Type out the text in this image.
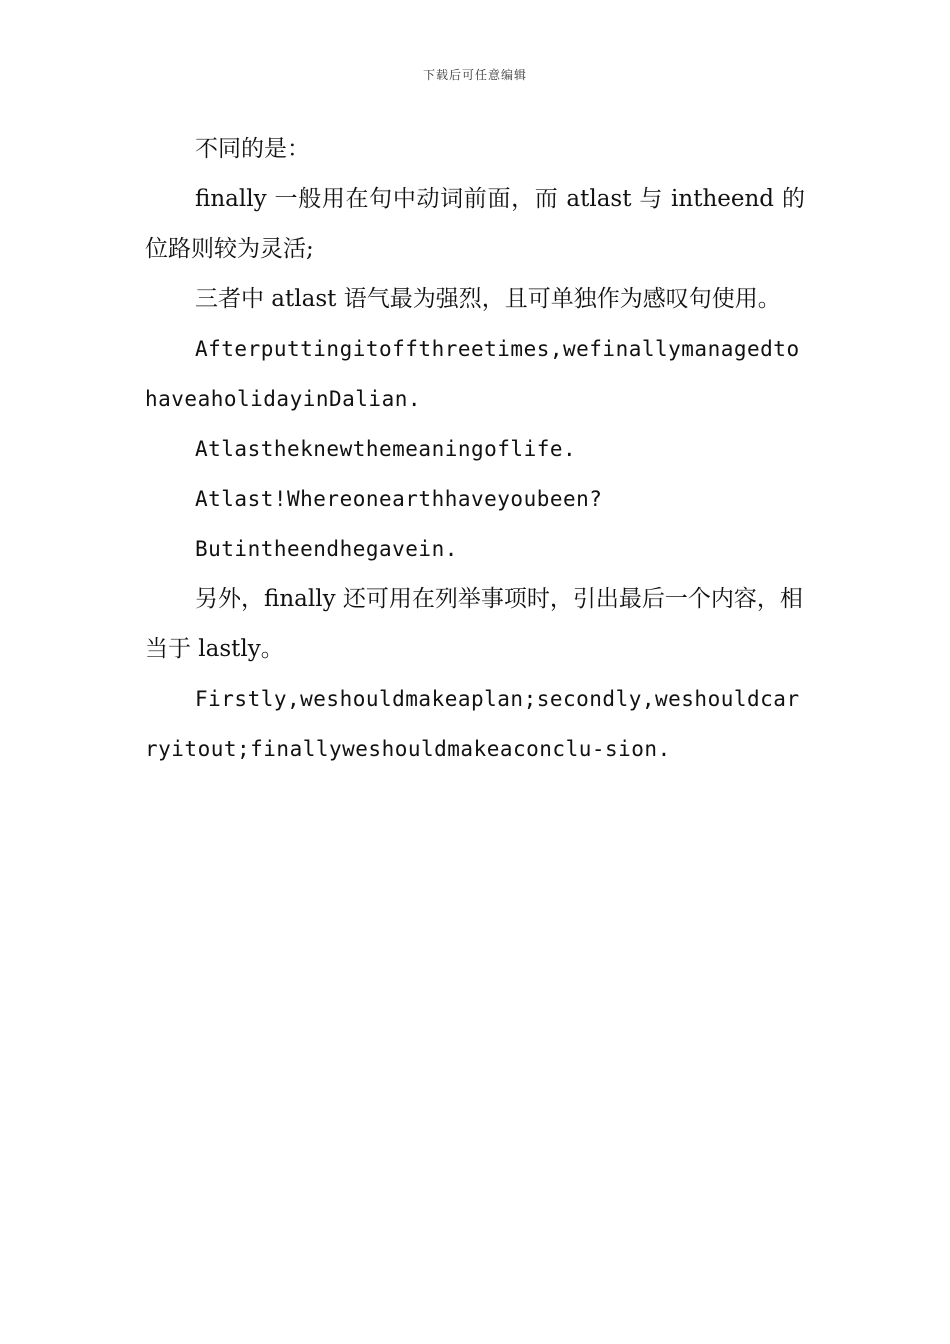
下载后可任意编辑

不同的是：

finally 一般用在句中动词前面，而 atlast 与 intheend 的位路则较为灵活;

三者中 atlast 语气最为强烈，且可单独作为感叹句使用。

Afterputtingitoffthreetimes,wefinallymanagedtohaveaholidayinDalian.

Atlastheknewthemeaningoflife.

Atlast!Whereonearthhaveyoubeen?

Butintheendhegavein.

另外，finally 还可用在列举事项时，引出最后一个内容，相当于 lastly。

Firstly,weshouldmakeaplan;secondly,weshouldcarryitout;finallyweshouldmakeaconclu-sion.
